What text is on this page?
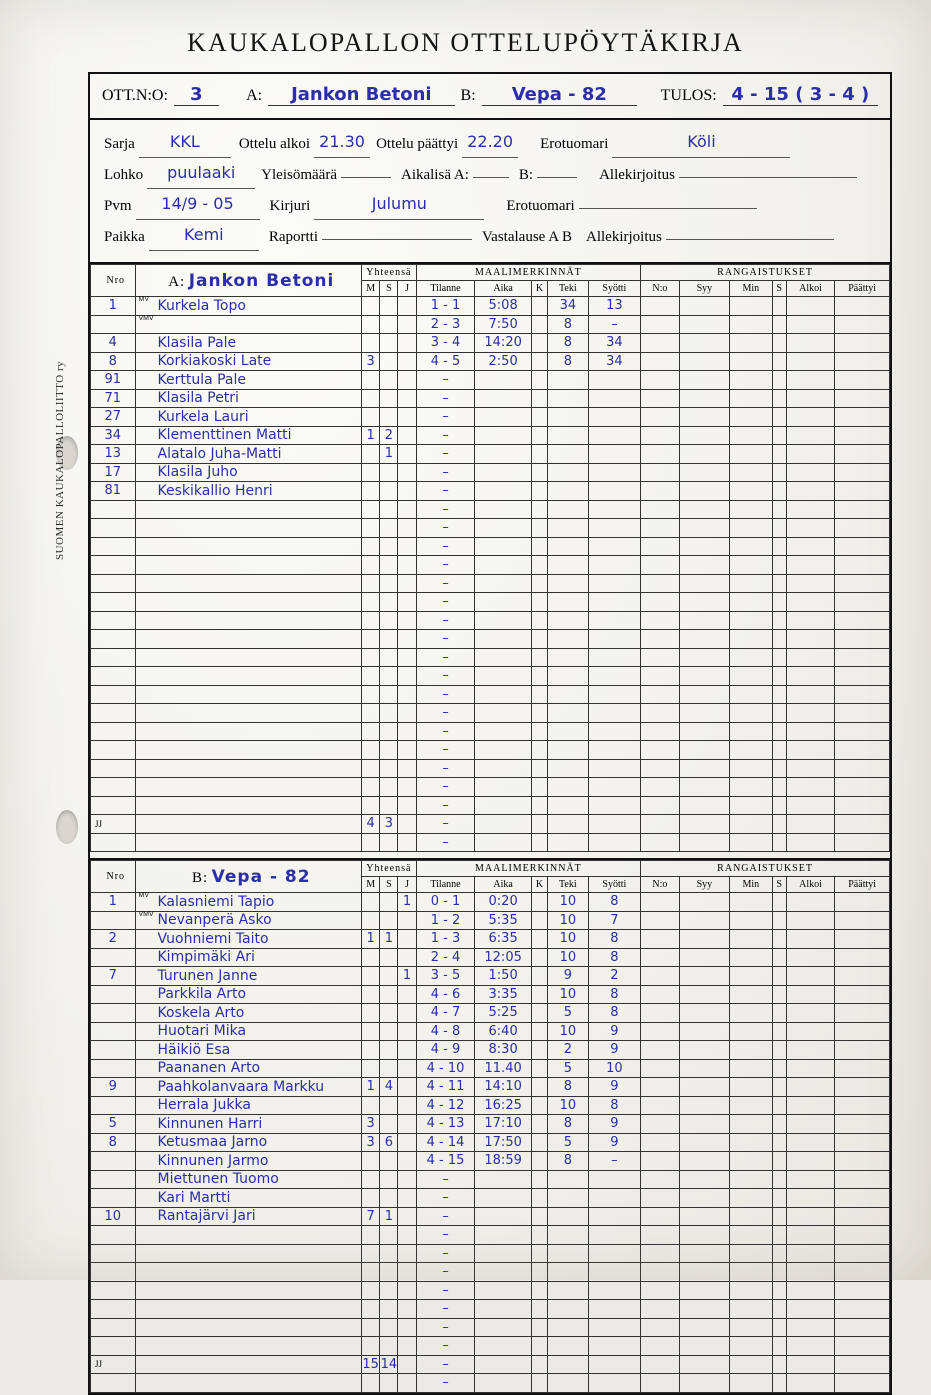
SUOMEN KAUKALOPALLOLIITTO ry
KAUKALOPALLON OTTELUPÖYTÄKIRJA
OTT.N:O:	3	A:	Jankon Betoni	B:	Vepa - 82	TULOS: 4 - 15 ( 3 - 4 )
Sarja	KKL	Ottelu alkoi 21.30 Ottelu päättyi 22.20	Erotuomari	Köli
Lohko	puulaaki	Yleisömäärä	Aikalisä A:	B:	Allekirjoitus
Pvm	14/9 - 05	Kirjuri	Julumu	Erotuomari
Paikka	Kemi	Raportti	Vastalause A B Allekirjoitus
Nro	A: Jankon Betoni	Yhteensä			MAALIMERKINNÄT					RANGAISTUKSET					
		M	S	J	Tilanne	Aika	K	Teki	Syötti	N:o	Syy	Min	S	Alkoi	Päättyi
1	MV Kurkela Topo				1 - 1	5:08		34	13						

	VMV				2 - 3	7:50		8	–						
4	Klasila Pale				3 - 4	14:20		8	34						
8	Korkiakoski Late	3			4 - 5	2:50		8	34						
91	Kerttula Pale				–										
71	Klasila Petri				–										
27	Kurkela Lauri				–										
34	Klementtinen Matti	1	2		–										
13	Alatalo Juha-Matti		1		–										
17	Klasila Juho				–										
81	Keskikallio Henri				–										
					–										
					–										
					–										
					–										
					–										
					–										
					–										
					–										
					–										
					–										
					–										
					–										
					–										
					–										
					–										
					–										
					–										
JJ		4	3		–										
					–										
Nro	B: Vepa - 82	Yhteensä			MAALIMERKINNÄT					RANGAISTUKSET					
		M	S	J	Tilanne	Aika	K	Teki	Syötti	N:o	Syy	Min	S	Alkoi	Päättyi
1	MV Kalasniemi Tapio			1	0 - 1	0:20		10	8						

	VMV Nevanperä Asko				1 - 2	5:35		10	7						
2	Vuohniemi Taito	1	1		1 - 3	6:35		10	8						
	Kimpimäki Ari				2 - 4	12:05		10	8						
7	Turunen Janne			1	3 - 5	1:50		9	2						
	Parkkila Arto				4 - 6	3:35		10	8						
	Koskela Arto				4 - 7	5:25		5	8						
	Huotari Mika				4 - 8	6:40		10	9						
	Häikiö Esa				4 - 9	8:30		2	9						
	Paananen Arto				4 - 10	11.40		5	10						
9	Paahkolanvaara Markku	1	4		4 - 11	14:10		8	9						
	Herrala Jukka				4 - 12	16:25		10	8						
5	Kinnunen Harri	3			4 - 13	17:10		8	9						
8	Ketusmaa Jarno	3	6		4 - 14	17:50		5	9						
	Kinnunen Jarmo				4 - 15	18:59		8	–						
	Miettunen Tuomo				–										
	Kari Martti				–										
10	Rantajärvi Jari	7	1		–										
					–										
					–										
					–										
					–										
					–										
					–										
					–										
JJ		15	14		–										
					–										
